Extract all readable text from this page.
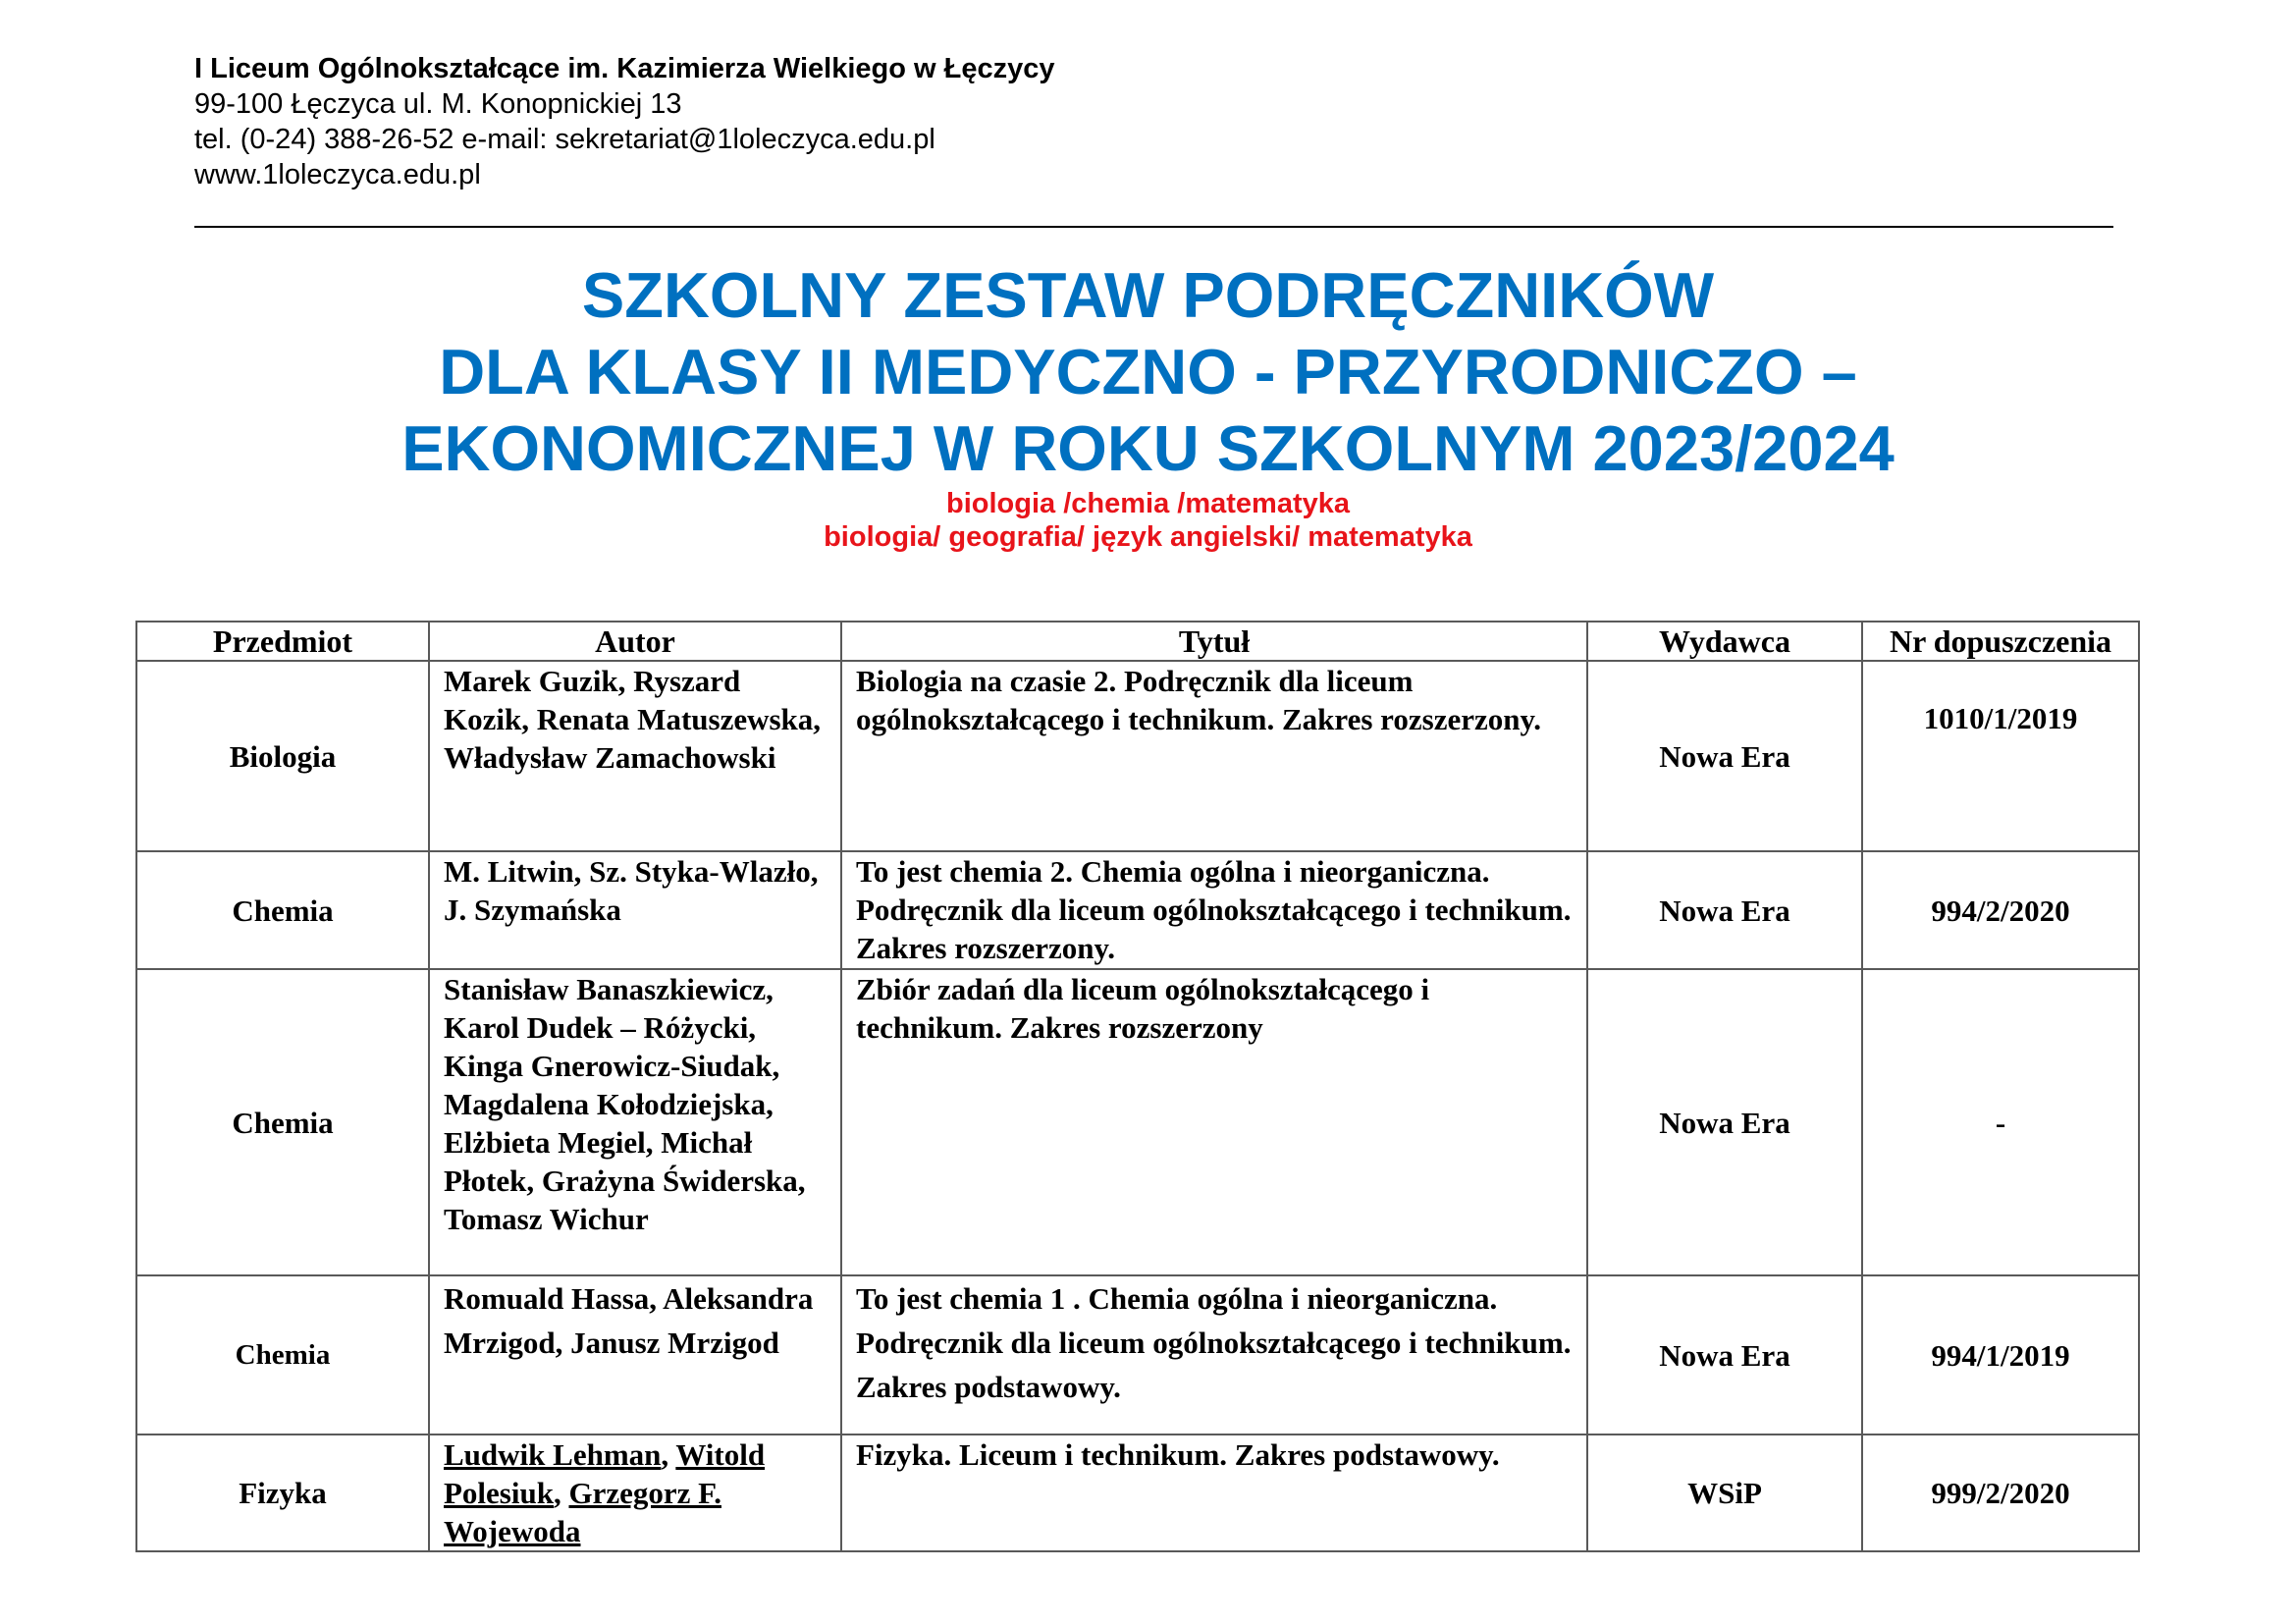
I Liceum Ogólnokształcące im. Kazimierza Wielkiego w Łęczycy
99-100 Łęczyca ul. M. Konopnickiej 13
tel. (0-24) 388-26-52 e-mail: sekretariat@1loleczyca.edu.pl
www.1loleczyca.edu.pl
SZKOLNY ZESTAW PODRĘCZNIKÓW
DLA KLASY II MEDYCZNO - PRZYRODNICZO –
EKONOMICZNEJ W ROKU SZKOLNYM 2023/2024
biologia /chemia /matematyka
biologia/ geografia/ język angielski/ matematyka
Przedmiot	Autor	Tytuł	Wydawca	Nr dopuszczenia
Biologia	Marek Guzik, Ryszard Kozik, Renata Matuszewska, Władysław Zamachowski	Biologia na czasie 2. Podręcznik dla liceum ogólnokształcącego i technikum. Zakres rozszerzony.	Nowa Era	1010/1/2019
Chemia	M. Litwin, Sz. Styka-Wlazło, J. Szymańska	To jest chemia 2. Chemia ogólna i nieorganiczna. Podręcznik dla liceum ogólnokształcącego i technikum. Zakres rozszerzony.	Nowa Era	994/2/2020
Chemia	Stanisław Banaszkiewicz, Karol Dudek – Różycki, Kinga Gnerowicz-Siudak, Magdalena Kołodziejska, Elżbieta Megiel, Michał Płotek, Grażyna Świderska, Tomasz Wichur	Zbiór zadań dla liceum ogólnokształcącego i technikum. Zakres rozszerzony	Nowa Era	-
Chemia	Romuald Hassa, Aleksandra Mrzigod, Janusz Mrzigod	To jest chemia 1 . Chemia ogólna i nieorganiczna. Podręcznik dla liceum ogólnokształcącego i technikum. Zakres podstawowy.	Nowa Era	994/1/2019
Fizyka	Ludwik Lehman, Witold Polesiuk, Grzegorz F. Wojewoda	Fizyka. Liceum i technikum. Zakres podstawowy.	WSiP	999/2/2020
